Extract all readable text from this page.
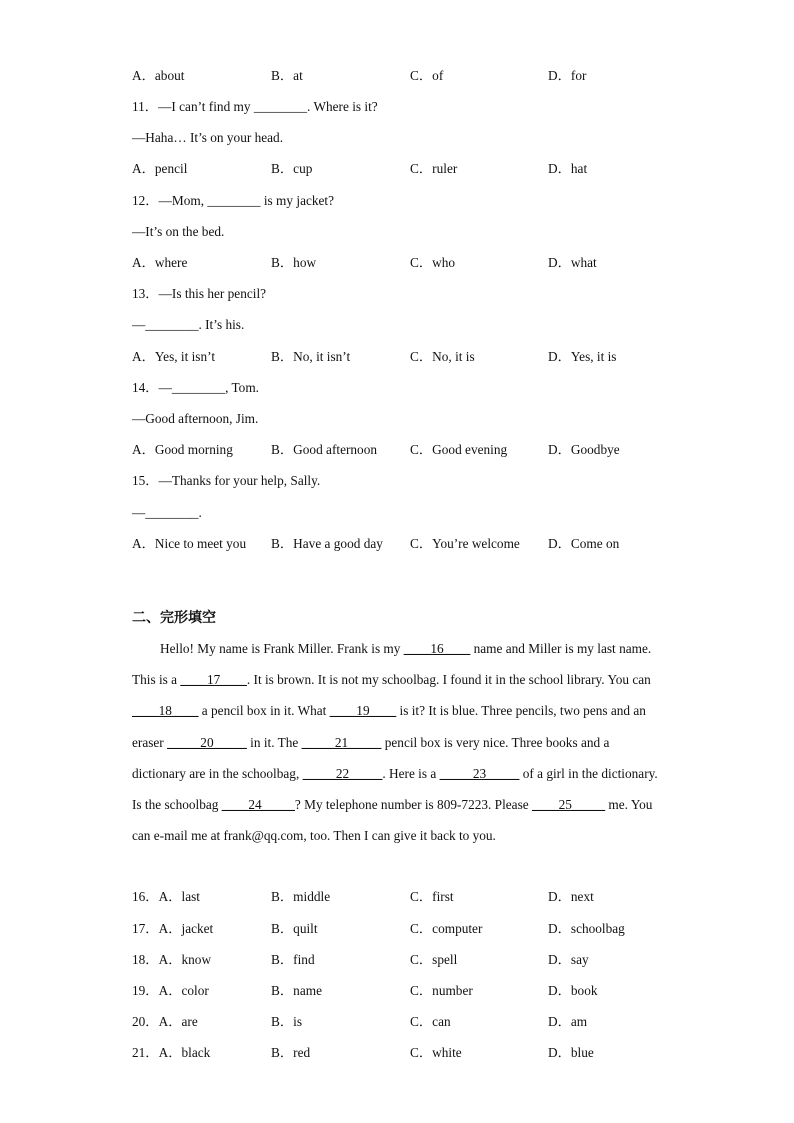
A．about	B．at	C．of	D．for
11．—I can’t find my ________. Where is it?
—Haha… It’s on your head.
A．pencil	B．cup	C．ruler	D．hat
12．—Mom, ________ is my jacket?
—It’s on the bed.
A．where	B．how	C．who	D．what
13．—Is this her pencil?
—________. It’s his.
A．Yes, it isn’t	B．No, it isn’t	C．No, it is	D．Yes, it is
14．—________, Tom.
—Good afternoon, Jim.
A．Good morning	B．Good afternoon C．Good evening	D．Goodbye
15．—Thanks for your help, Sally.
—________.
A．Nice to meet you B．Have a good day C．You’re welcome D．Come on
二、完形填空

Hello! My name is Frank Miller. Frank is my ____16____ name and Miller is my last name. This is a ____17____. It is brown. It is not my schoolbag. I found it in the school library. You can ____18____ a pencil box in it. What ____19____ is it? It is blue. Three pencils, two pens and an eraser _____20_____ in it. The _____21_____ pencil box is very nice. Three books and a dictionary are in the schoolbag, _____22_____. Here is a _____23_____ of a girl in the dictionary. Is the schoolbag ____24_____? My telephone number is 809-7223. Please ____25_____ me. You can e-mail me at frank@qq.com, too. Then I can give it back to you.

16．A．last	B．middle	C．first	D．next
17．A．jacket	B．quilt	C．computer	D．schoolbag
18．A．know	B．find	C．spell	D．say
19．A．color	B．name	C．number	D．book
20．A．are	B．is	C．can	D．am
21．A．black	B．red	C．white	D．blue
